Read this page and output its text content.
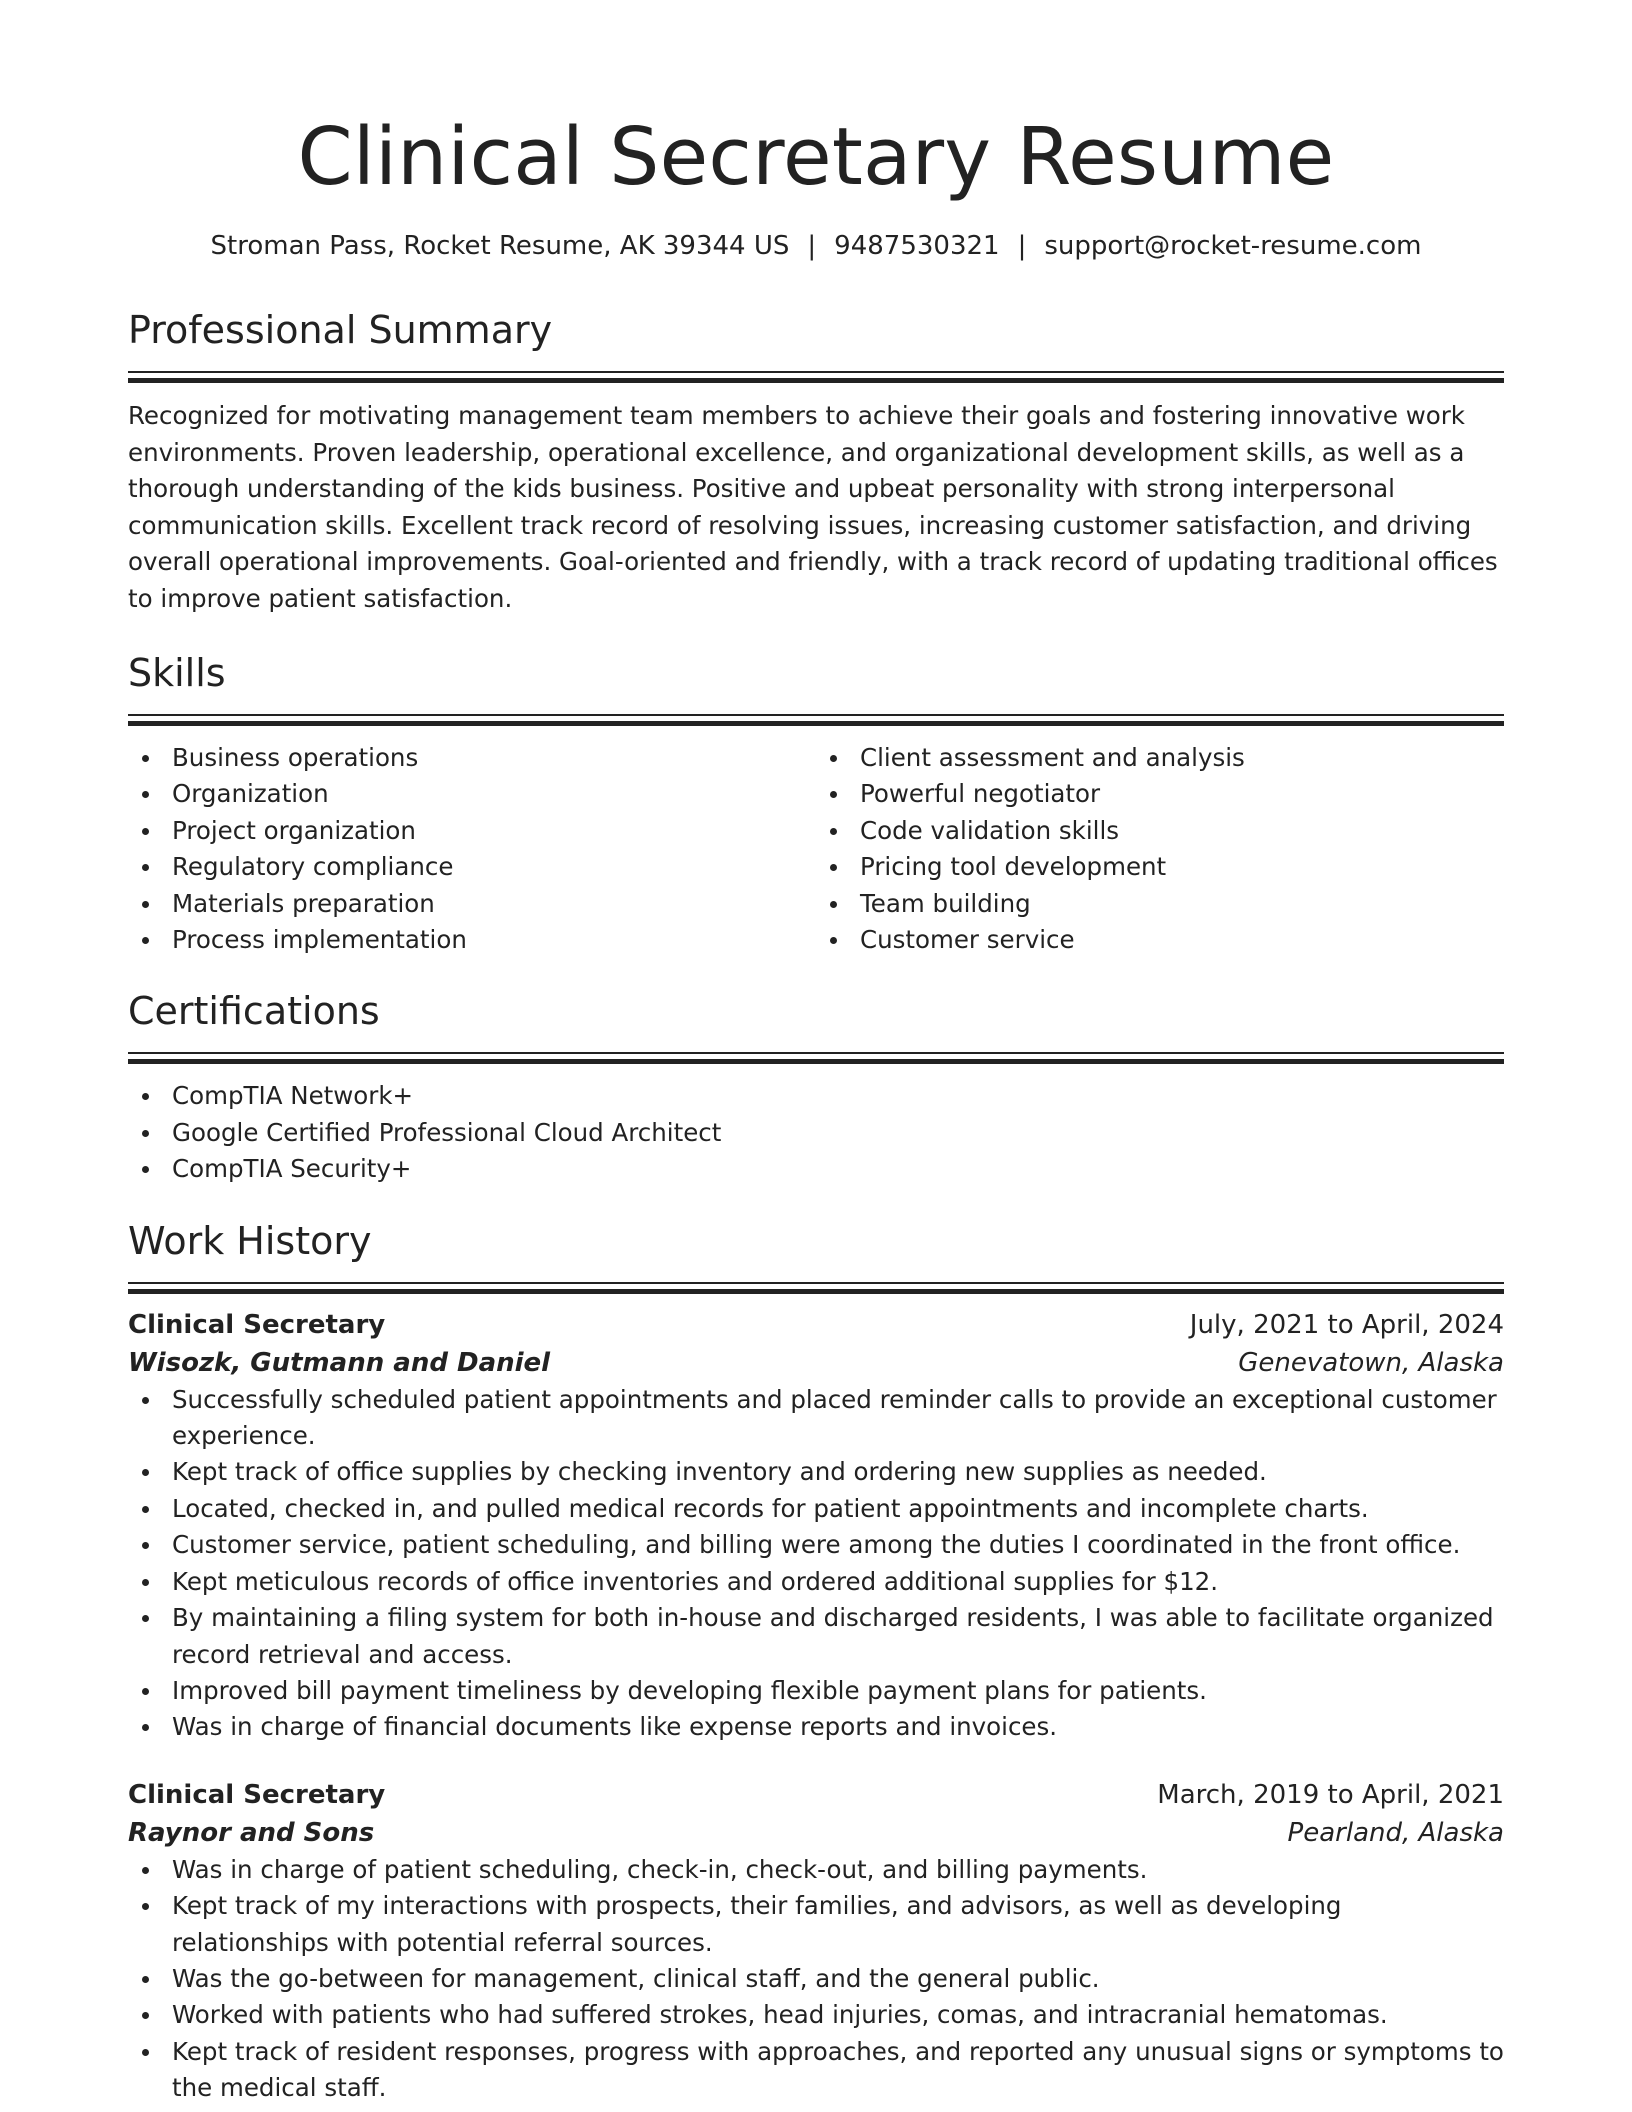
Clinical Secretary Resume
Stroman Pass, Rocket Resume, AK 39344 US | 9487530321 | support@rocket-resume.com
Professional Summary

Recognized for motivating management team members to achieve their goals and fostering innovative work environments. Proven leadership, operational excellence, and organizational development skills, as well as a thorough understanding of the kids business. Positive and upbeat personality with strong interpersonal communication skills. Excellent track record of resolving issues, increasing customer satisfaction, and driving overall operational improvements. Goal-oriented and friendly, with a track record of updating traditional offices to improve patient satisfaction.

Skills
Business operations
Organization
Project organization
Regulatory compliance
Materials preparation
Process implementation
Client assessment and analysis
Powerful negotiator
Code validation skills
Pricing tool development
Team building
Customer service
Certifications
CompTIA Network+
Google Certified Professional Cloud Architect
CompTIA Security+
Work History
Clinical Secretary	July, 2021 to April, 2024
Wisozk, Gutmann and Daniel	Genevatown, Alaska
Successfully scheduled patient appointments and placed reminder calls to provide an exceptional customer experience.
Kept track of office supplies by checking inventory and ordering new supplies as needed.
Located, checked in, and pulled medical records for patient appointments and incomplete charts.
Customer service, patient scheduling, and billing were among the duties I coordinated in the front office.
Kept meticulous records of office inventories and ordered additional supplies for $12.
By maintaining a filing system for both in-house and discharged residents, I was able to facilitate organized record retrieval and access.
Improved bill payment timeliness by developing flexible payment plans for patients.
Was in charge of financial documents like expense reports and invoices.
Clinical Secretary	March, 2019 to April, 2021
Raynor and Sons	Pearland, Alaska
Was in charge of patient scheduling, check-in, check-out, and billing payments.
Kept track of my interactions with prospects, their families, and advisors, as well as developing relationships with potential referral sources.
Was the go-between for management, clinical staff, and the general public.
Worked with patients who had suffered strokes, head injuries, comas, and intracranial hematomas.
Kept track of resident responses, progress with approaches, and reported any unusual signs or symptoms to the medical staff.
